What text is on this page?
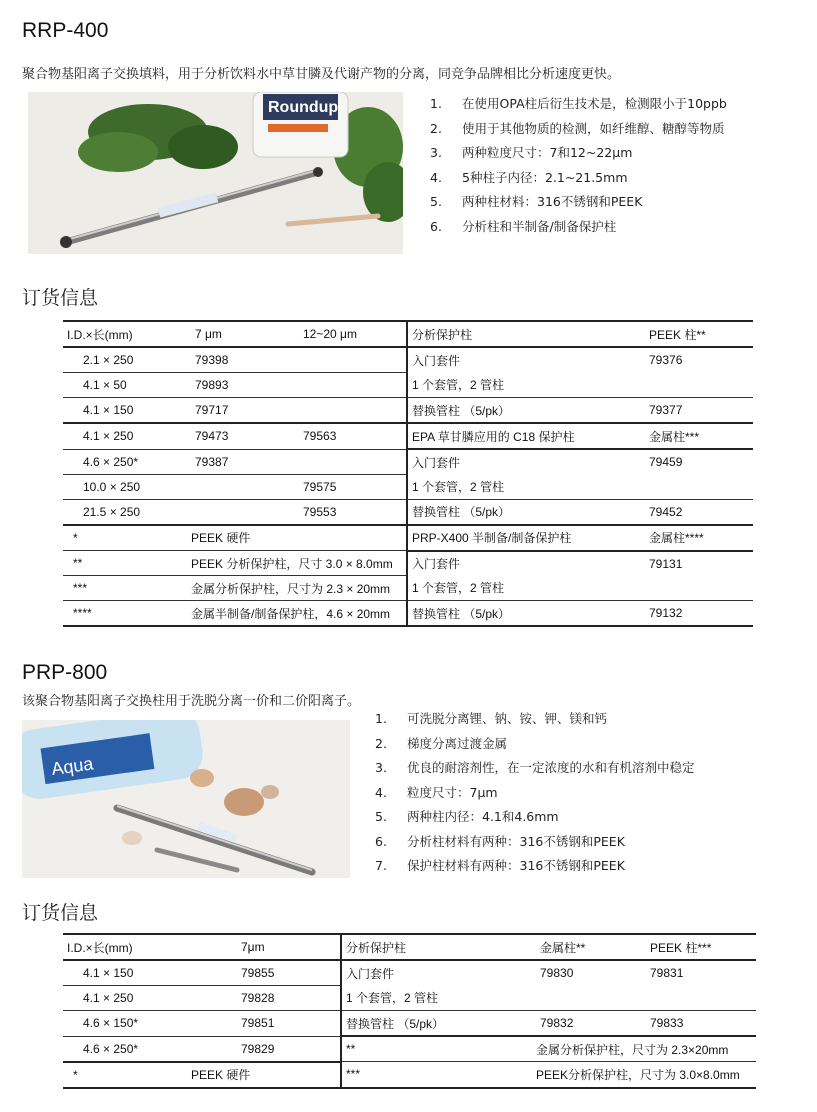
RRP-400
聚合物基阳离子交换填料，用于分析饮料水中草甘膦及代谢产物的分离，同竞争品牌相比分析速度更快。
Roundup	1. 在使用OPA柱后衍生技术是，检测限小于10ppb
2. 使用于其他物质的检测，如纤维醇、糖醇等物质
3. 两种粒度尺寸：7和12~22μm
4. 5种柱子内径：2.1~21.5mm
5. 两种柱材料：316不锈钢和PEEK
6. 分析柱和半制备/制备保护柱
订货信息
I.D.×长(mm)	7 μm	12~20 μm	分析保护柱	PEEK 柱**
2.1 × 250	79398		入门套件	79376
4.1 × 50	79893		1 个套管，2 管柱	
4.1 × 150	79717		替换管柱 （5/pk）	79377
4.1 × 250	79473	79563	EPA 草甘膦应用的 C18 保护柱	金属柱***
4.6 × 250*	79387		入门套件	79459
10.0 × 250		79575	1 个套管，2 管柱	
21.5 × 250		79553	替换管柱 （5/pk）	79452
*	PEEK 硬件		PRP-X400 半制备/制备保护柱	金属柱****
**	PEEK 分析保护柱，尺寸 3.0 × 8.0mm		入门套件	79131
***	金属分析保护柱，尺寸为 2.3 × 20mm		1 个套管，2 管柱	
****	金属半制备/制备保护柱，4.6 × 20mm		替换管柱 （5/pk）	79132
PRP-800
该聚合物基阳离子交换柱用于洗脱分离一价和二价阳离子。
Aqua
1. 可洗脱分离锂、钠、铵、钾、镁和钙
2. 梯度分离过渡金属
3. 优良的耐溶剂性，在一定浓度的水和有机溶剂中稳定
4. 粒度尺寸：7μm
5. 两种柱内径：4.1和4.6mm
6. 分析柱材料有两种：316不锈钢和PEEK
7. 保护柱材料有两种：316不锈钢和PEEK
订货信息
I.D.×长(mm)	7μm	分析保护柱	金属柱**	PEEK 柱***
4.1 × 150	79855	入门套件	79830	79831
4.1 × 250	79828	1 个套管，2 管柱		
4.6 × 150*	79851	替换管柱 （5/pk）	79832	79833
4.6 × 250*	79829	**	金属分析保护柱，尺寸为 2.3×20mm	
*	PEEK 硬件	***	PEEK分析保护柱，尺寸为 3.0×8.0mm	
